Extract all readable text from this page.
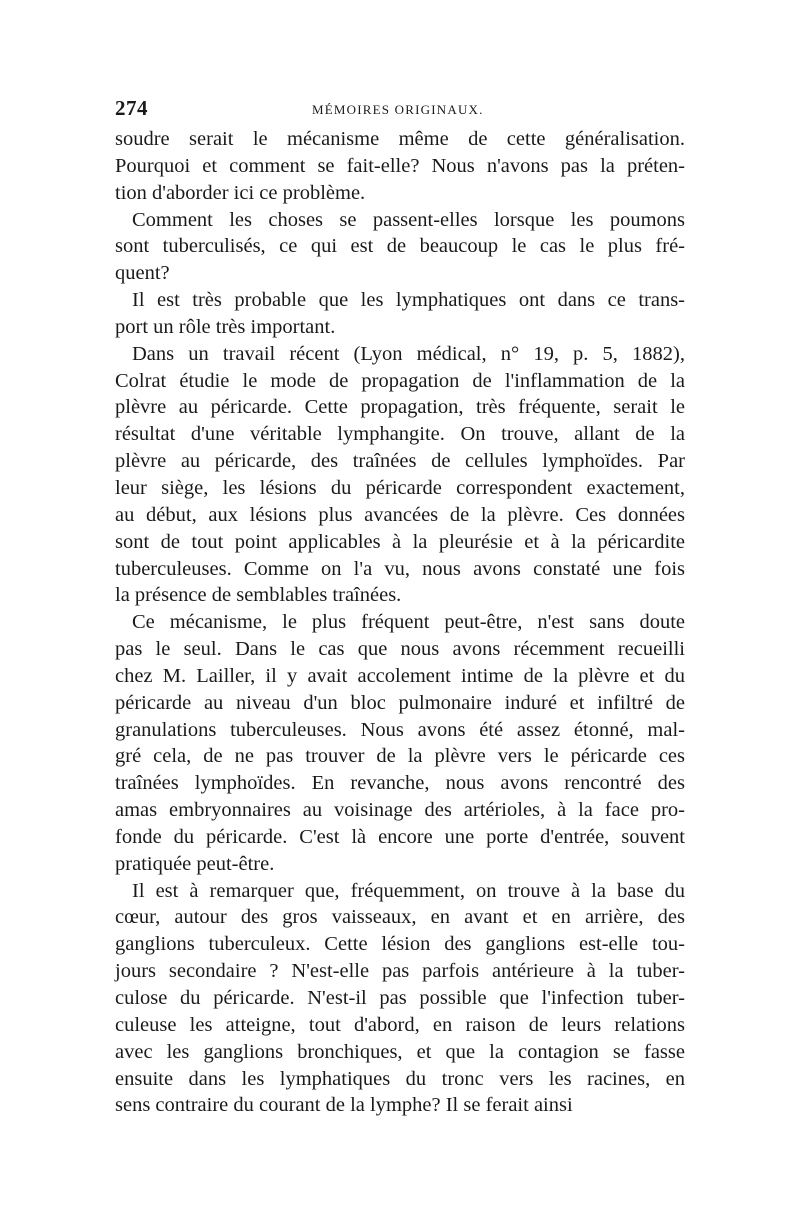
274	MÉMOIRES ORIGINAUX.
soudre serait le mécanisme même de cette généralisation.
Pourquoi et comment se fait-elle? Nous n'avons pas la préten-
tion d'aborder ici ce problème.
Comment les choses se passent-elles lorsque les poumons
sont tuberculisés, ce qui est de beaucoup le cas le plus fré-
quent?
Il est très probable que les lymphatiques ont dans ce trans-
port un rôle très important.
Dans un travail récent (Lyon médical, n° 19, p. 5, 1882),
Colrat étudie le mode de propagation de l'inflammation de la
plèvre au péricarde. Cette propagation, très fréquente, serait le
résultat d'une véritable lymphangite. On trouve, allant de la
plèvre au péricarde, des traînées de cellules lymphoïdes. Par
leur siège, les lésions du péricarde correspondent exactement,
au début, aux lésions plus avancées de la plèvre. Ces données
sont de tout point applicables à la pleurésie et à la péricardite
tuberculeuses. Comme on l'a vu, nous avons constaté une fois
la présence de semblables traînées.
Ce mécanisme, le plus fréquent peut-être, n'est sans doute
pas le seul. Dans le cas que nous avons récemment recueilli
chez M. Lailler, il y avait accolement intime de la plèvre et du
péricarde au niveau d'un bloc pulmonaire induré et infiltré de
granulations tuberculeuses. Nous avons été assez étonné, mal-
gré cela, de ne pas trouver de la plèvre vers le péricarde ces
traînées lymphoïdes. En revanche, nous avons rencontré des
amas embryonnaires au voisinage des artérioles, à la face pro-
fonde du péricarde. C'est là encore une porte d'entrée, souvent
pratiquée peut-être.
Il est à remarquer que, fréquemment, on trouve à la base du
cœur, autour des gros vaisseaux, en avant et en arrière, des
ganglions tuberculeux. Cette lésion des ganglions est-elle tou-
jours secondaire ? N'est-elle pas parfois antérieure à la tuber-
culose du péricarde. N'est-il pas possible que l'infection tuber-
culeuse les atteigne, tout d'abord, en raison de leurs relations
avec les ganglions bronchiques, et que la contagion se fasse
ensuite dans les lymphatiques du tronc vers les racines, en
sens contraire du courant de la lymphe? Il se ferait ainsi
